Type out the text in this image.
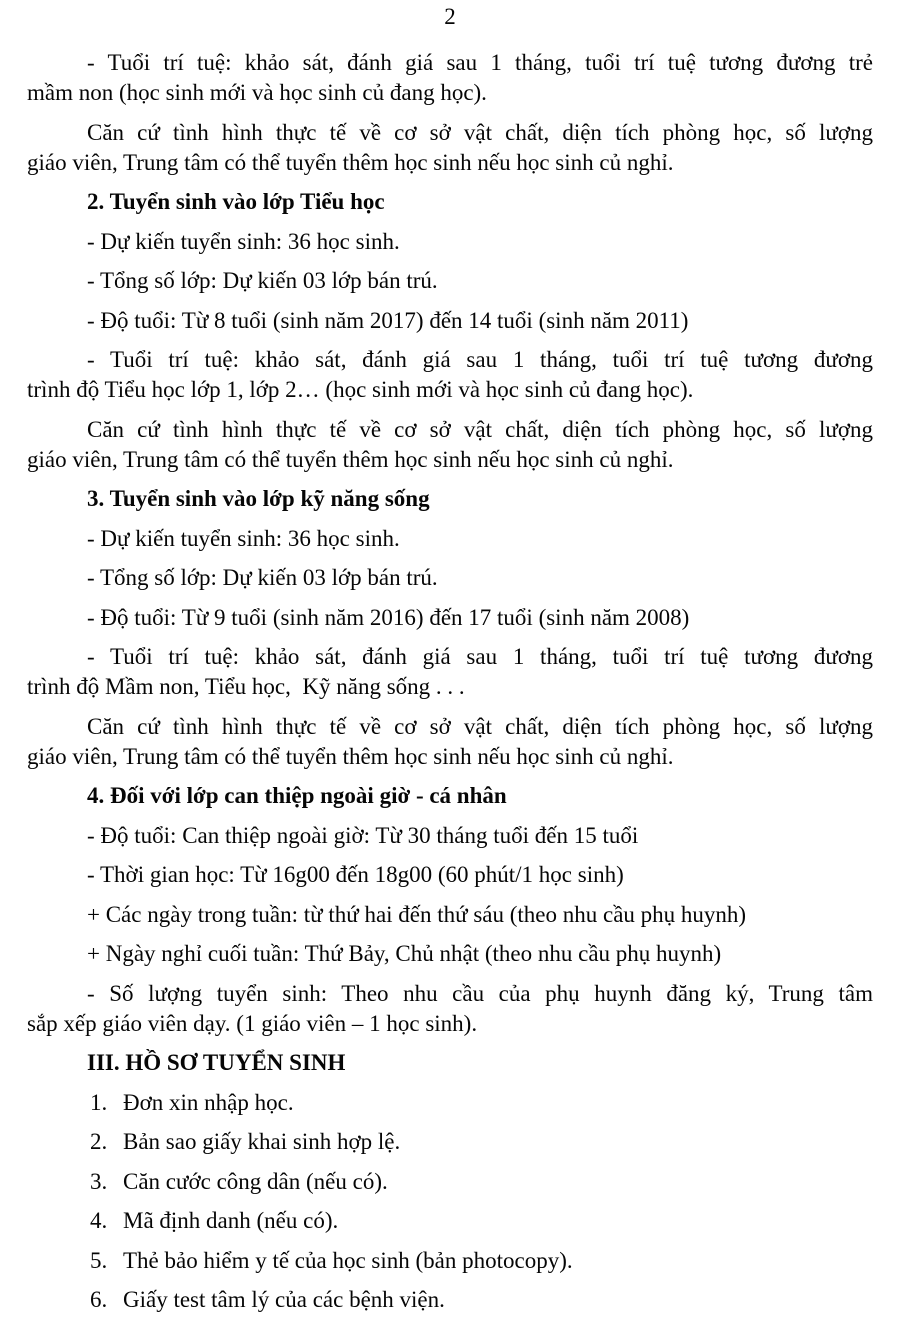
2
- Tuổi trí tuệ: khảo sát, đánh giá sau 1 tháng, tuổi trí tuệ tương đương trẻ
mầm non (học sinh mới và học sinh củ đang học).
Căn cứ tình hình thực tế về cơ sở vật chất, diện tích phòng học, số lượng
giáo viên, Trung tâm có thể tuyển thêm học sinh nếu học sinh củ nghỉ.
2. Tuyển sinh vào lớp Tiểu học
- Dự kiến tuyển sinh: 36 học sinh.
- Tổng số lớp: Dự kiến 03 lớp bán trú.
- Độ tuổi: Từ 8 tuổi (sinh năm 2017) đến 14 tuổi (sinh năm 2011)
- Tuổi trí tuệ: khảo sát, đánh giá sau 1 tháng, tuổi trí tuệ tương đương
trình độ Tiểu học lớp 1, lớp 2… (học sinh mới và học sinh củ đang học).
Căn cứ tình hình thực tế về cơ sở vật chất, diện tích phòng học, số lượng
giáo viên, Trung tâm có thể tuyển thêm học sinh nếu học sinh củ nghỉ.
3. Tuyển sinh vào lớp kỹ năng sống
- Dự kiến tuyển sinh: 36 học sinh.
- Tổng số lớp: Dự kiến 03 lớp bán trú.
- Độ tuổi: Từ 9 tuổi (sinh năm 2016) đến 17 tuổi (sinh năm 2008)
- Tuổi trí tuệ: khảo sát, đánh giá sau 1 tháng, tuổi trí tuệ tương đương
trình độ Mầm non, Tiểu học,  Kỹ năng sống . . .
Căn cứ tình hình thực tế về cơ sở vật chất, diện tích phòng học, số lượng
giáo viên, Trung tâm có thể tuyển thêm học sinh nếu học sinh củ nghỉ.
4. Đối với lớp can thiệp ngoài giờ - cá nhân
- Độ tuổi: Can thiệp ngoài giờ: Từ 30 tháng tuổi đến 15 tuổi
- Thời gian học: Từ 16g00 đến 18g00 (60 phút/1 học sinh)
+ Các ngày trong tuần: từ thứ hai đến thứ sáu (theo nhu cầu phụ huynh)
+ Ngày nghỉ cuối tuần: Thứ Bảy, Chủ nhật (theo nhu cầu phụ huynh)
- Số lượng tuyển sinh: Theo nhu cầu của phụ huynh đăng ký, Trung tâm
sắp xếp giáo viên dạy. (1 giáo viên – 1 học sinh).
III. HỒ SƠ TUYỂN SINH
1. Đơn xin nhập học.
2. Bản sao giấy khai sinh hợp lệ.
3. Căn cước công dân (nếu có).
4. Mã định danh (nếu có).
5. Thẻ bảo hiểm y tế của học sinh (bản photocopy).
6. Giấy test tâm lý của các bệnh viện.
